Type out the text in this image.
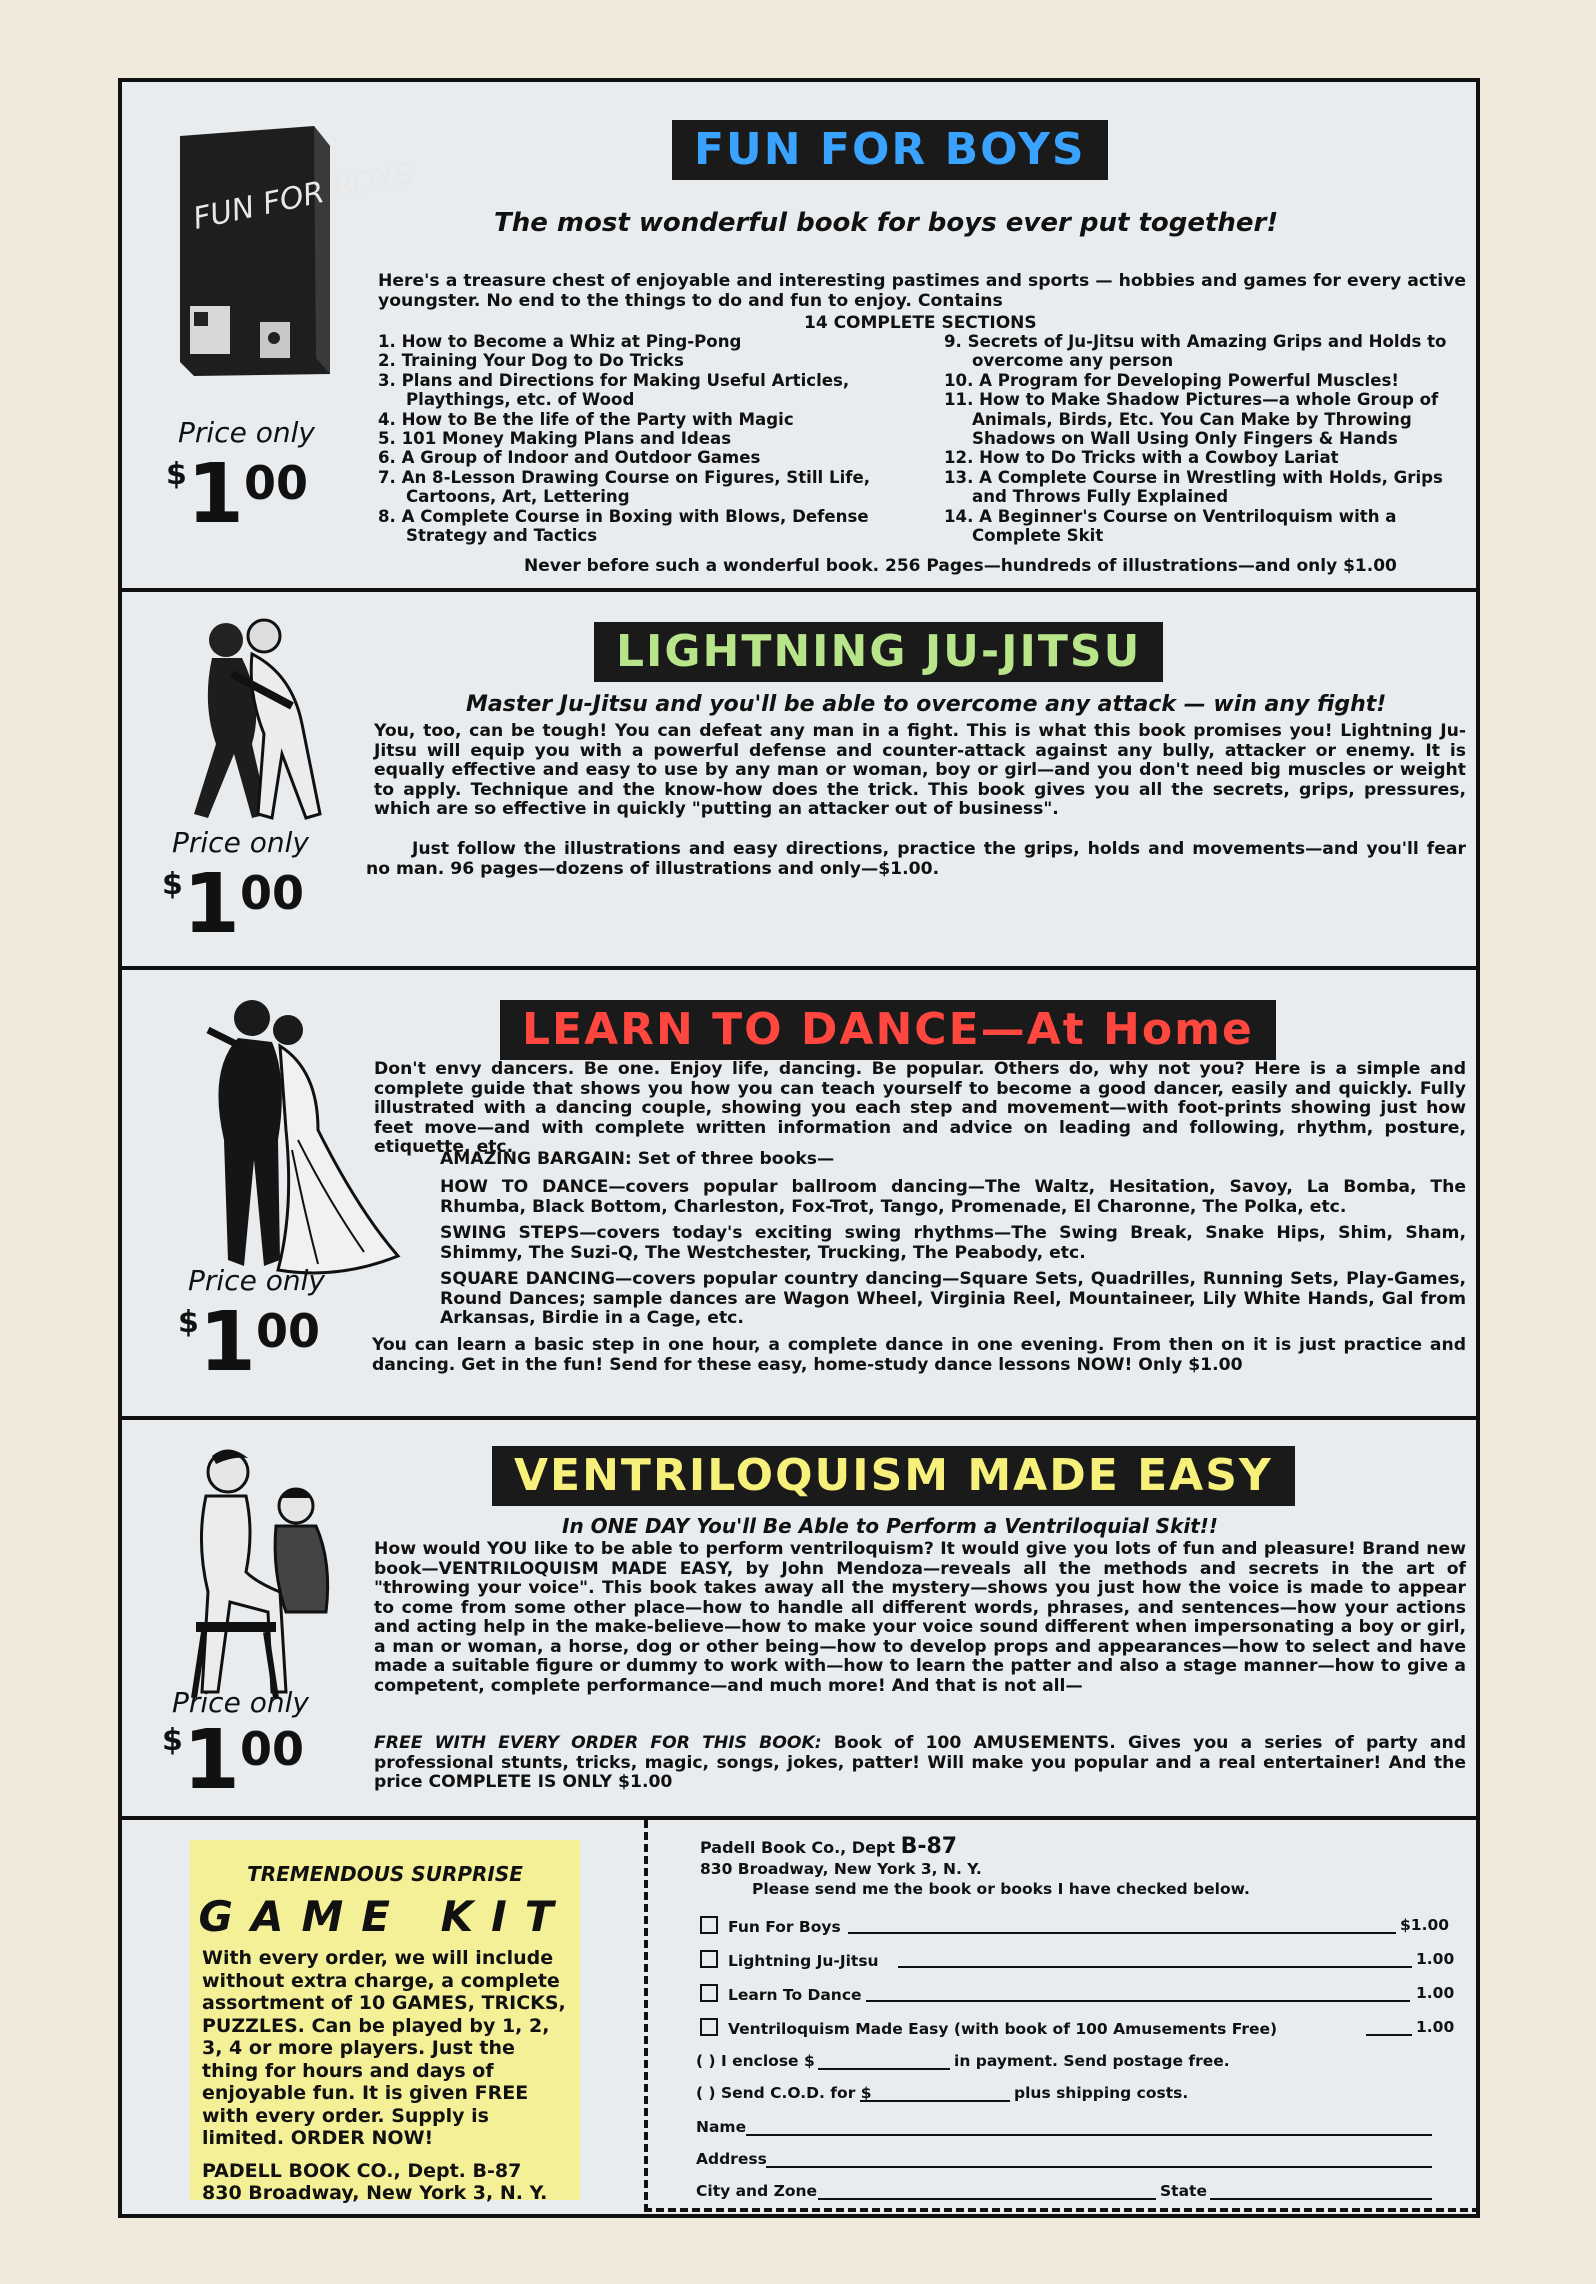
FUN FOR BOYS
FUN FOR BOYS
The most wonderful book for boys ever put together!
Here's a treasure chest of enjoyable and interesting pastimes and sports — hobbies and games for every active youngster. No end to the things to do and fun to enjoy. Contains
14 COMPLETE SECTIONS
1. How to Become a Whiz at Ping-Pong
2. Training Your Dog to Do Tricks
3. Plans and Directions for Making Useful Articles, Playthings, etc. of Wood
4. How to Be the life of the Party with Magic
5. 101 Money Making Plans and Ideas
6. A Group of Indoor and Outdoor Games
7. An 8-Lesson Drawing Course on Figures, Still Life, Cartoons, Art, Lettering
8. A Complete Course in Boxing with Blows, Defense Strategy and Tactics
9. Secrets of Ju-Jitsu with Amazing Grips and Holds to overcome any person
10. A Program for Developing Powerful Muscles!
11. How to Make Shadow Pictures—a whole Group of Animals, Birds, Etc. You Can Make by Throwing Shadows on Wall Using Only Fingers & Hands
12. How to Do Tricks with a Cowboy Lariat
13. A Complete Course in Wrestling with Holds, Grips and Throws Fully Explained
14. A Beginner's Course on Ventriloquism with a Complete Skit
Never before such a wonderful book. 256 Pages—hundreds of illustrations—and only $1.00
Price only
$100
LIGHTNING JU-JITSU
Master Ju-Jitsu and you'll be able to overcome any attack — win any fight!
You, too, can be tough! You can defeat any man in a fight. This is what this book promises you! Lightning Ju-Jitsu will equip you with a powerful defense and counter-attack against any bully, attacker or enemy. It is equally effective and easy to use by any man or woman, boy or girl—and you don't need big muscles or weight to apply. Technique and the know-how does the trick. This book gives you all the secrets, grips, pressures, which are so effective in quickly "putting an attacker out of business".
Just follow the illustrations and easy directions, practice the grips, holds and movements—and you'll fear no man. 96 pages—dozens of illustrations and only—$1.00.
Price only
$100
LEARN TO DANCE—At Home
Don't envy dancers. Be one. Enjoy life, dancing. Be popular. Others do, why not you? Here is a simple and complete guide that shows you how you can teach yourself to become a good dancer, easily and quickly. Fully illustrated with a dancing couple, showing you each step and movement—with foot-prints showing just how feet move—and with complete written information and advice on leading and following, rhythm, posture, etiquette, etc.
AMAZING BARGAIN: Set of three books—
HOW TO DANCE—covers popular ballroom dancing—The Waltz, Hesitation, Savoy, La Bomba, The Rhumba, Black Bottom, Charleston, Fox-Trot, Tango, Promenade, El Charonne, The Polka, etc.
SWING STEPS—covers today's exciting swing rhythms—The Swing Break, Snake Hips, Shim, Sham, Shimmy, The Suzi-Q, The Westchester, Trucking, The Peabody, etc.
SQUARE DANCING—covers popular country dancing—Square Sets, Quadrilles, Running Sets, Play-Games, Round Dances; sample dances are Wagon Wheel, Virginia Reel, Mountaineer, Lily White Hands, Gal from Arkansas, Birdie in a Cage, etc.
You can learn a basic step in one hour, a complete dance in one evening. From then on it is just practice and dancing. Get in the fun! Send for these easy, home-study dance lessons NOW! Only $1.00
Price only
$100
VENTRILOQUISM MADE EASY
In ONE DAY You'll Be Able to Perform a Ventriloquial Skit!!
How would YOU like to be able to perform ventriloquism? It would give you lots of fun and pleasure! Brand new book—VENTRILOQUISM MADE EASY, by John Mendoza—reveals all the methods and secrets in the art of "throwing your voice". This book takes away all the mystery—shows you just how the voice is made to appear to come from some other place—how to handle all different words, phrases, and sentences—how your actions and acting help in the make-believe—how to make your voice sound different when impersonating a boy or girl, a man or woman, a horse, dog or other being—how to develop props and appearances—how to select and have made a suitable figure or dummy to work with—how to learn the patter and also a stage manner—how to give a competent, complete performance—and much more! And that is not all—
FREE WITH EVERY ORDER FOR THIS BOOK: Book of 100 AMUSEMENTS. Gives you a series of party and professional stunts, tricks, magic, songs, jokes, patter! Will make you popular and a real entertainer! And the price COMPLETE IS ONLY $1.00
Price only
$100
TREMENDOUS SURPRISE
GAME KIT
With every order, we will include without extra charge, a complete assortment of 10 GAMES, TRICKS, PUZZLES. Can be played by 1, 2, 3, 4 or more players. Just the thing for hours and days of enjoyable fun. It is given FREE with every order. Supply is limited. ORDER NOW!
PADELL BOOK CO., Dept. B-87
830 Broadway, New York 3, N. Y.
Padell Book Co., Dept B-87
830 Broadway, New York 3, N. Y.
Please send me the book or books I have checked below.
Fun For Boys	$1.00
Lightning Ju-Jitsu	1.00
Learn To Dance	1.00
Ventriloquism Made Easy (with book of 100 Amusements Free)	1.00
( ) I enclose $	in payment. Send postage free.
( ) Send C.O.D. for $	plus shipping costs.
Name
Address
City and Zone	State
